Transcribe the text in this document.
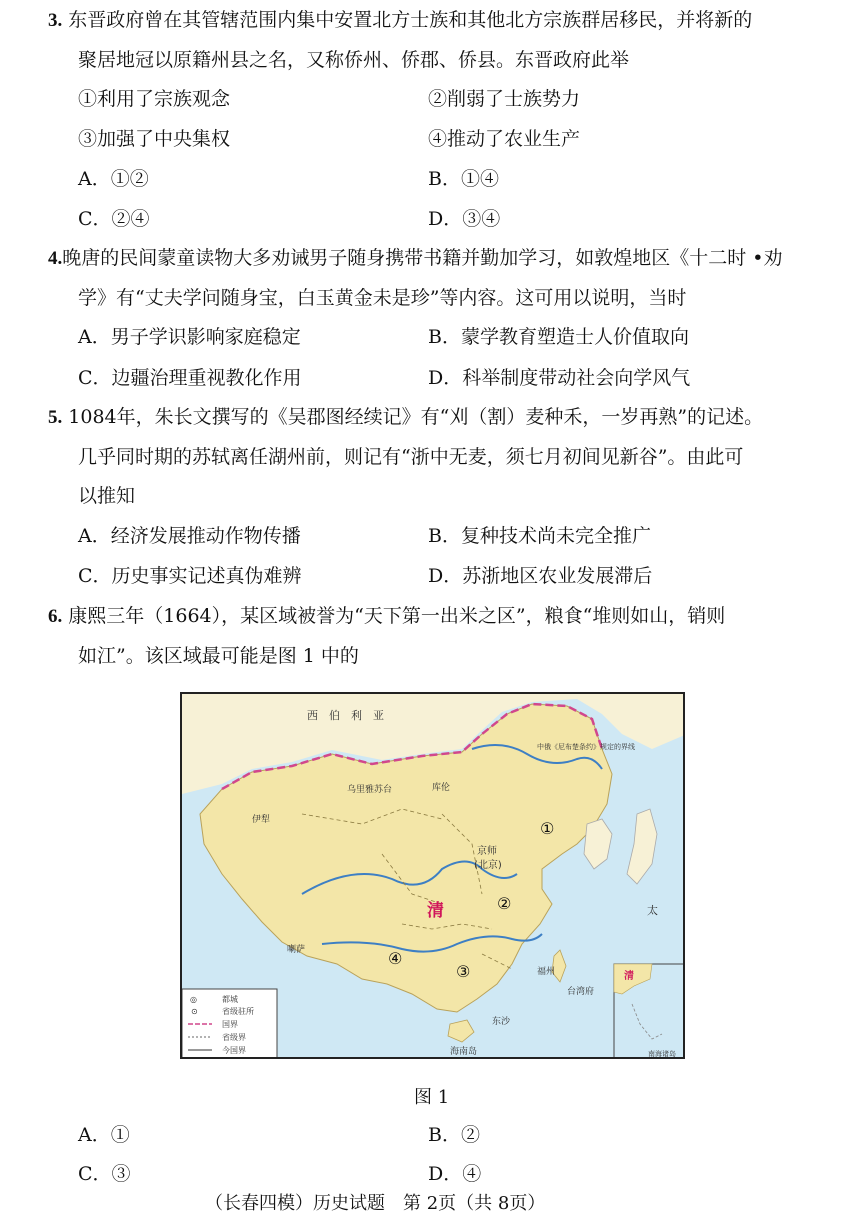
3. 东晋政府曾在其管辖范围内集中安置北方士族和其他北方宗族群居移民，并将新的
聚居地冠以原籍州县之名，又称侨州、侨郡、侨县。东晋政府此举
①利用了宗族观念	②削弱了士族势力
③加强了中央集权	④推动了农业生产
A．①②	B．①④
C．②④	D．③④
4.晚唐的民间蒙童读物大多劝诫男子随身携带书籍并勤加学习，如敦煌地区《十二时 •劝
学》有“丈夫学问随身宝，白玉黄金未是珍”等内容。这可用以说明，当时
A．男子学识影响家庭稳定	B．蒙学教育塑造士人价值取向
C．边疆治理重视教化作用	D．科举制度带动社会向学风气
5. 1084年，朱长文撰写的《吴郡图经续记》有“刈（割）麦种禾，一岁再熟”的记述。
几乎同时期的苏轼离任湖州前，则记有“浙中无麦，须七月初间见新谷”。由此可
以推知
A．经济发展推动作物传播	B．复种技术尚未完全推广
C．历史事实记述真伪难辨	D．苏浙地区农业发展滞后
6. 康熙三年（1664），某区域被誉为“天下第一出米之区”，粮食“堆则如山，销则
如江”。该区域最可能是图 1 中的
西　伯　利　亚
中俄《尼布楚条约》规定的界线
乌里雅苏台	库伦
伊犁
京师
(北京)
清
喇萨
福州
台湾府
海南岛
东沙
太
①
②
③
④
◎	都城
⊙	省级驻所
国界
省级界
今国界
清
南海诸岛
图 1
A．①	B．②
C．③	D．④
（长春四模）历史试题　第 2页（共 8页）
